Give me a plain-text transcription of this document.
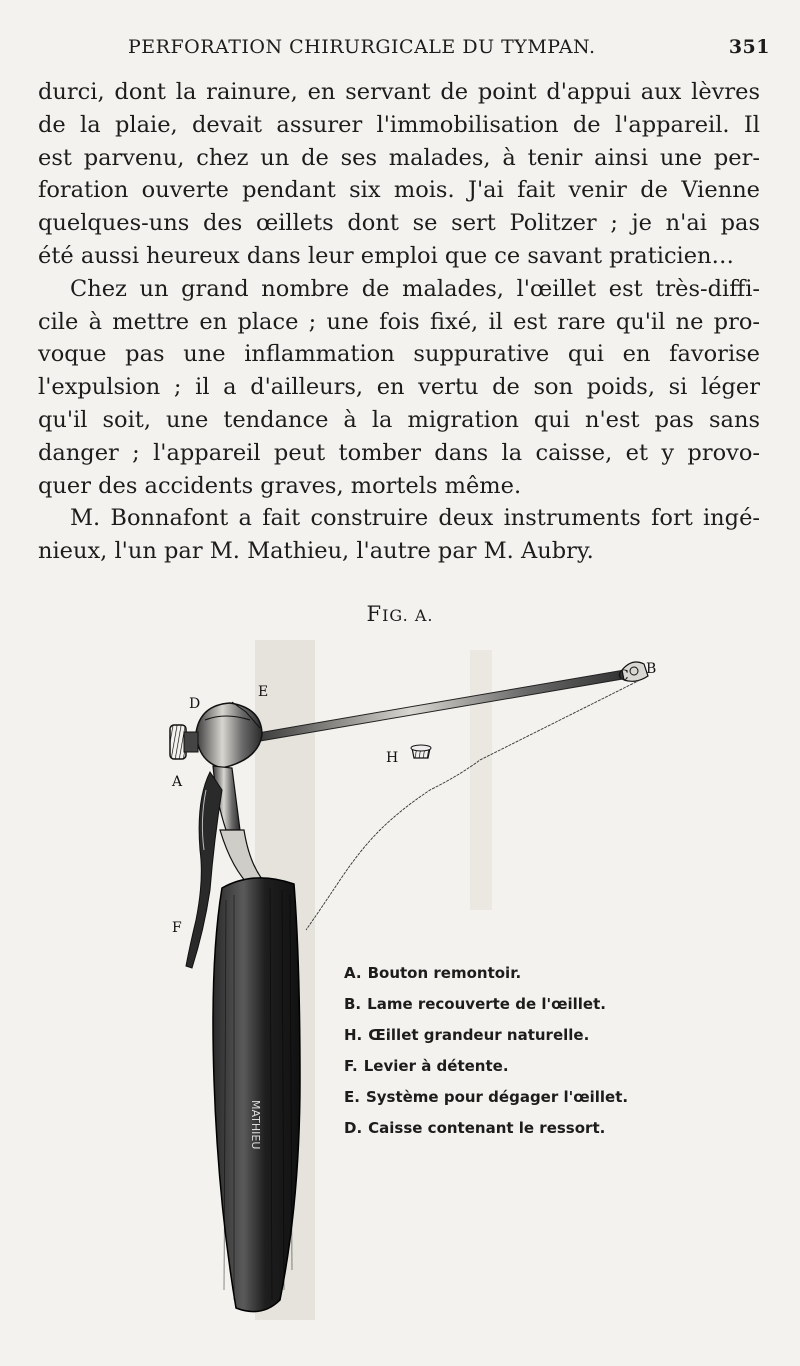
PERFORATION CHIRURGICALE DU TYMPAN.	351
durci, dont la rainure, en servant de point d'appui aux lèvres
de la plaie, devait assurer l'immobilisation de l'appareil. Il
est parvenu, chez un de ses malades, à tenir ainsi une per-
foration ouverte pendant six mois. J'ai fait venir de Vienne
quelques-uns des œillets dont se sert Politzer ; je n'ai pas
été aussi heureux dans leur emploi que ce savant praticien…
Chez un grand nombre de malades, l'œillet est très-diffi-
cile à mettre en place ; une fois fixé, il est rare qu'il ne pro-
voque pas une inflammation suppurative qui en favorise
l'expulsion ; il a d'ailleurs, en vertu de son poids, si léger
qu'il soit, une tendance à la migration qui n'est pas sans
danger ; l'appareil peut tomber dans la caisse, et y provo-
quer des accidents graves, mortels même.
M. Bonnafont a fait construire deux instruments fort ingé-
nieux, l'un par M. Mathieu, l'autre par M. Aubry.
FIG. A.
MATHIEU
D
E
A
H
C B
F
A. Bouton remontoir.
B. Lame recouverte de l'œillet.
H. Œillet grandeur naturelle.
F. Levier à détente.
E. Système pour dégager l'œillet.
D. Caisse contenant le ressort.
